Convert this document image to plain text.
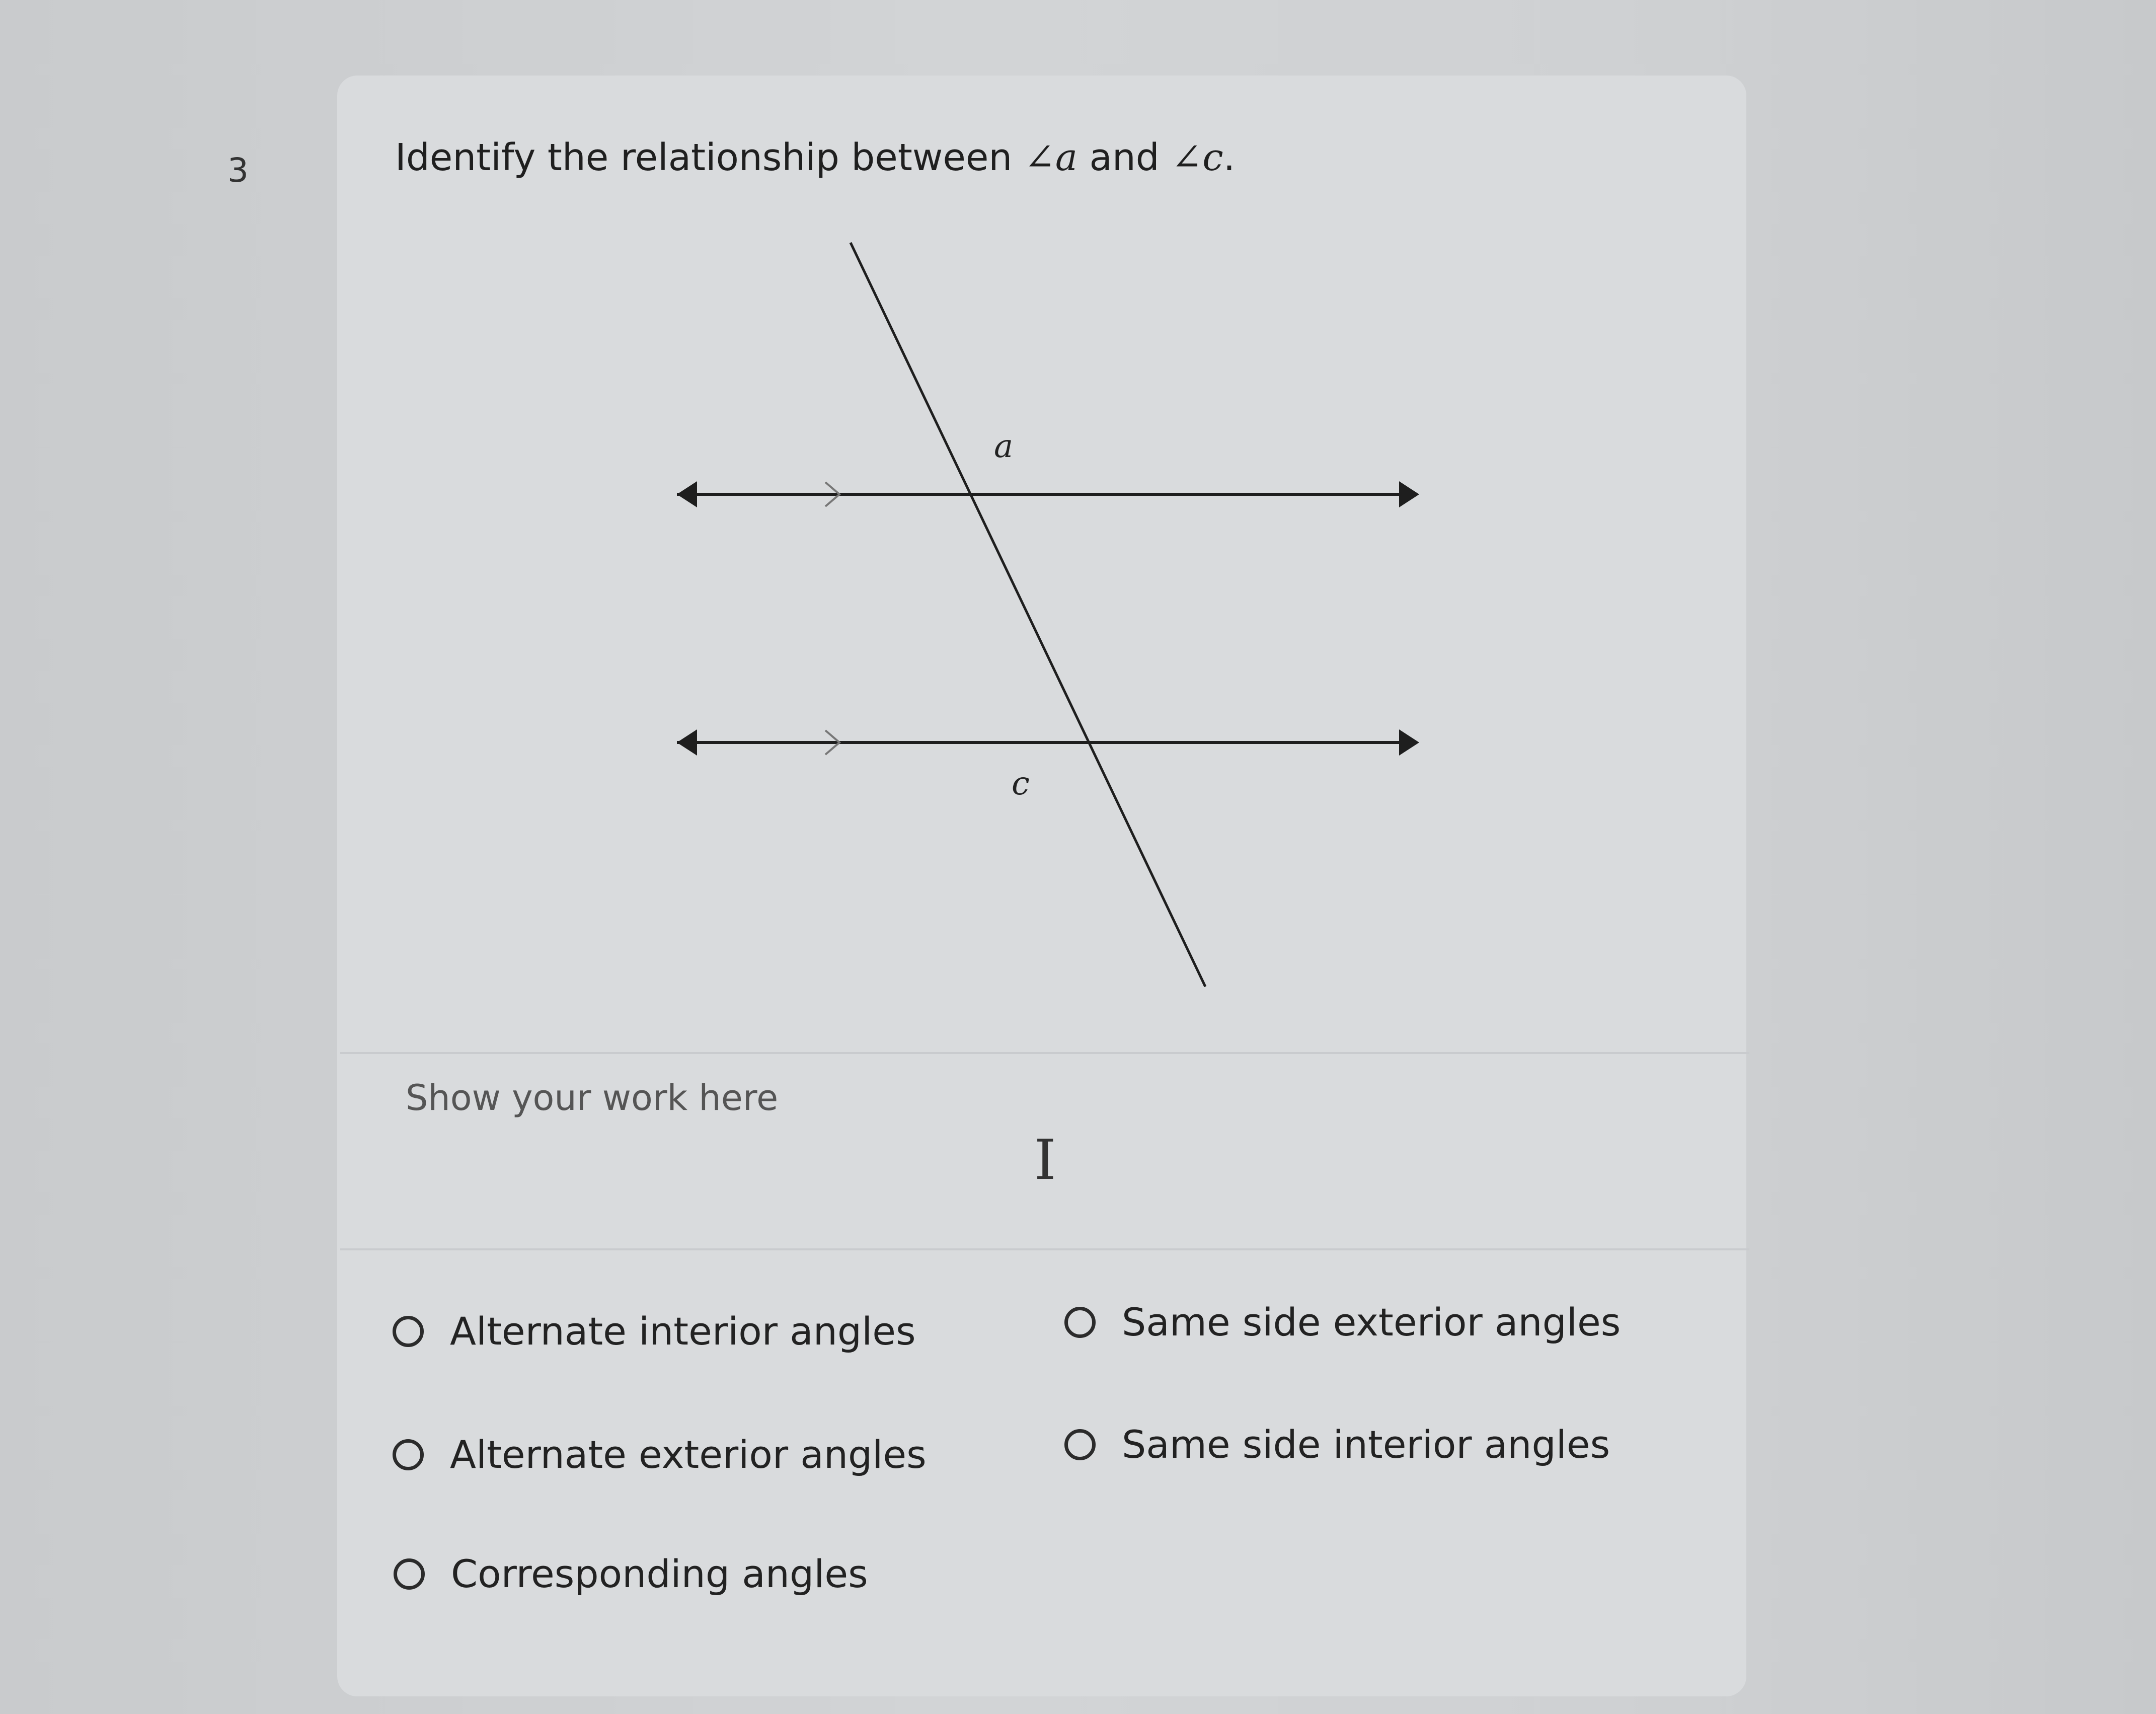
3	Identify the relationship between ∠a and ∠c.
a
c
Show your work here
I
Alternate interior angles	Same side exterior angles
Alternate exterior angles	Same side interior angles
Corresponding angles
